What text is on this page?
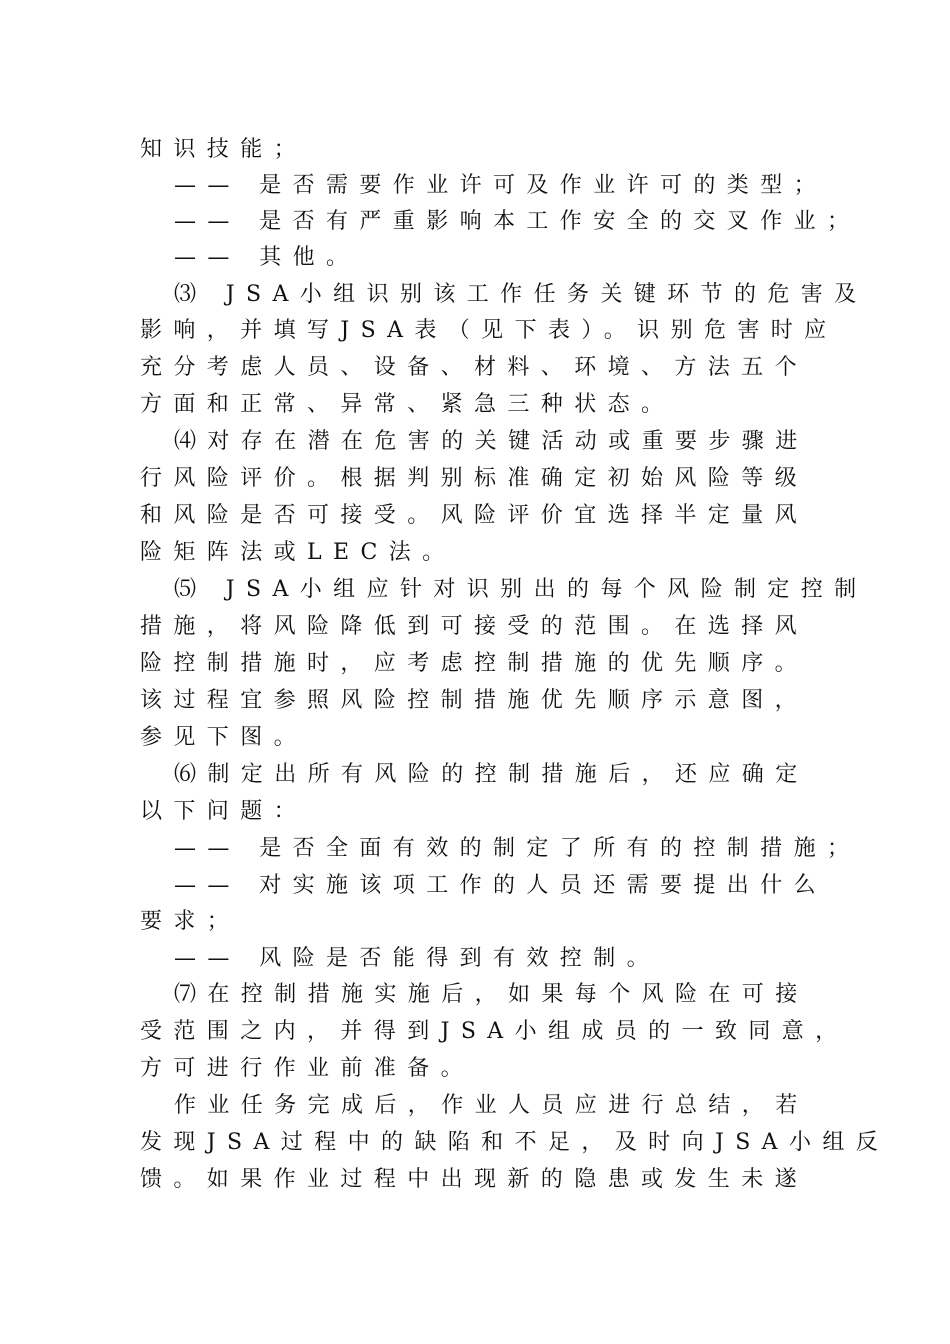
知识技能；
—— 是否需要作业许可及作业许可的类型；
—— 是否有严重影响本工作安全的交叉作业；
—— 其他。
⑶ JSA小组识别该工作任务关键环节的危害及
影响，并填写JSA表（见下表）。识别危害时应
充分考虑人员、设备、材料、环境、方法五个
方面和正常、异常、紧急三种状态。
⑷对存在潜在危害的关键活动或重要步骤进
行风险评价。根据判别标准确定初始风险等级
和风险是否可接受。风险评价宜选择半定量风
险矩阵法或LEC法。
⑸ JSA小组应针对识别出的每个风险制定控制
措施，将风险降低到可接受的范围。在选择风
险控制措施时，应考虑控制措施的优先顺序。
该过程宜参照风险控制措施优先顺序示意图，
参见下图。
⑹制定出所有风险的控制措施后，还应确定
以下问题：
—— 是否全面有效的制定了所有的控制措施；
—— 对实施该项工作的人员还需要提出什么
要求；
—— 风险是否能得到有效控制。
⑺在控制措施实施后，如果每个风险在可接
受范围之内，并得到JSA小组成员的一致同意，
方可进行作业前准备。
作业任务完成后，作业人员应进行总结，若
发现JSA过程中的缺陷和不足，及时向JSA小组反
馈。如果作业过程中出现新的隐患或发生未遂
